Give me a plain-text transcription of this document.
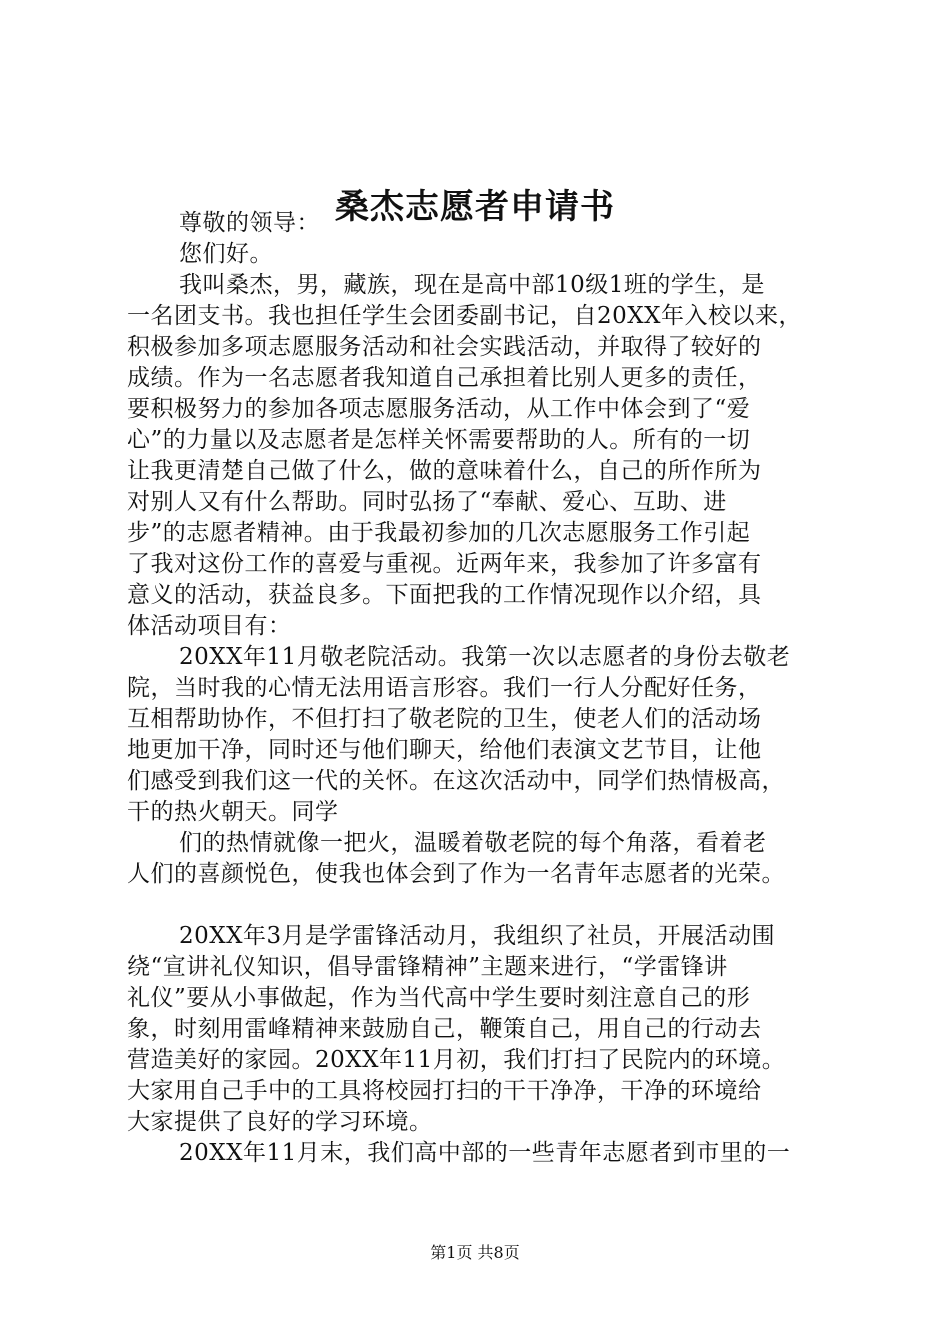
桑杰志愿者申请书
尊敬的领导：
您们好。
我叫桑杰，男，藏族，现在是高中部10级1班的学生，是
一名团支书。我也担任学生会团委副书记，自20XX年入校以来，
积极参加多项志愿服务活动和社会实践活动，并取得了较好的
成绩。作为一名志愿者我知道自己承担着比别人更多的责任，
要积极努力的参加各项志愿服务活动，从工作中体会到了“爱
心”的力量以及志愿者是怎样关怀需要帮助的人。所有的一切
让我更清楚自己做了什么，做的意味着什么，自己的所作所为
对别人又有什么帮助。同时弘扬了“奉献、爱心、互助、进
步”的志愿者精神。由于我最初参加的几次志愿服务工作引起
了我对这份工作的喜爱与重视。近两年来，我参加了许多富有
意义的活动，获益良多。下面把我的工作情况现作以介绍，具
体活动项目有：
20XX年11月敬老院活动。我第一次以志愿者的身份去敬老
院，当时我的心情无法用语言形容。我们一行人分配好任务，
互相帮助协作，不但打扫了敬老院的卫生，使老人们的活动场
地更加干净，同时还与他们聊天，给他们表演文艺节目，让他
们感受到我们这一代的关怀。在这次活动中，同学们热情极高，
干的热火朝天。同学
们的热情就像一把火，温暖着敬老院的每个角落，看着老
人们的喜颜悦色，使我也体会到了作为一名青年志愿者的光荣。
20XX年3月是学雷锋活动月，我组织了社员，开展活动围
绕“宣讲礼仪知识，倡导雷锋精神”主题来进行，“学雷锋讲
礼仪”要从小事做起，作为当代高中学生要时刻注意自己的形
象，时刻用雷峰精神来鼓励自己，鞭策自己，用自己的行动去
营造美好的家园。20XX年11月初，我们打扫了民院内的环境。
大家用自己手中的工具将校园打扫的干干净净，干净的环境给
大家提供了良好的学习环境。
20XX年11月末，我们高中部的一些青年志愿者到市里的一
第1页 共8页
